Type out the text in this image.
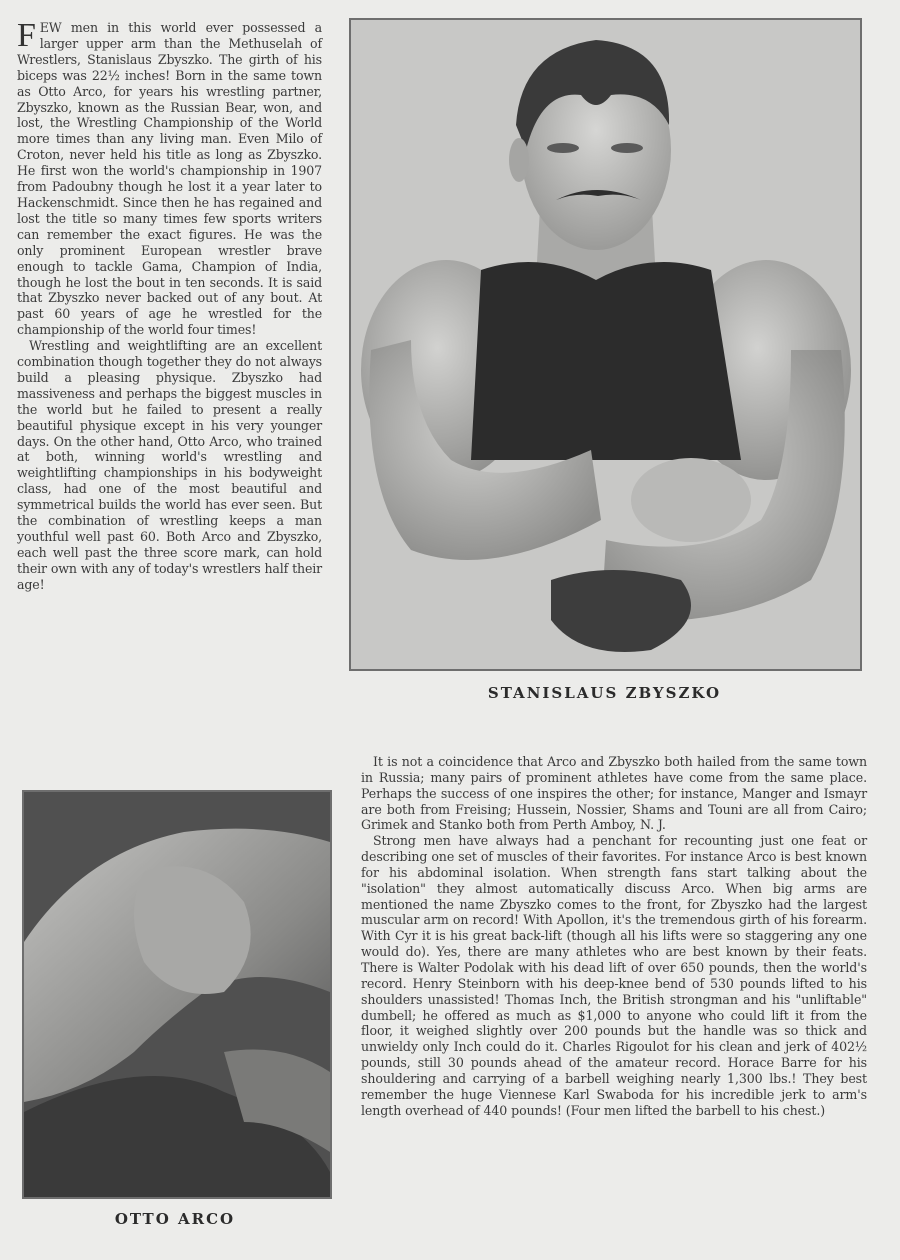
FEW men in this world ever possessed a larger upper arm than the Methuselah of Wrestlers, Stanislaus Zbyszko. The girth of his biceps was 22½ inches! Born in the same town as Otto Arco, for years his wrestling partner, Zbyszko, known as the Russian Bear, won, and lost, the Wrestling Championship of the World more times than any living man. Even Milo of Croton, never held his title as long as Zbyszko. He first won the world's championship in 1907 from Padoubny though he lost it a year later to Hackenschmidt. Since then he has regained and lost the title so many times few sports writers can remember the exact figures. He was the only prominent European wrestler brave enough to tackle Gama, Champion of India, though he lost the bout in ten seconds. It is said that Zbyszko never backed out of any bout. At past 60 years of age he wrestled for the championship of the world four times!

Wrestling and weightlifting are an excellent combination though together they do not always build a pleasing physique. Zbyszko had massiveness and perhaps the biggest muscles in the world but he failed to present a really beautiful physique except in his very younger days. On the other hand, Otto Arco, who trained at both, winning world's wrestling and weightlifting championships in his bodyweight class, had one of the most beautiful and symmetrical builds the world has ever seen. But the combination of wrestling keeps a man youthful well past 60. Both Arco and Zbyszko, each well past the three score mark, can hold their own with any of today's wrestlers half their age!

STANISLAUS ZBYSZKO
OTTO ARCO

It is not a coincidence that Arco and Zbyszko both hailed from the same town in Russia; many pairs of prominent athletes have come from the same place. Perhaps the success of one inspires the other; for instance, Manger and Ismayr are both from Freising; Hussein, Nossier, Shams and Touni are all from Cairo; Grimek and Stanko both from Perth Amboy, N. J.

Strong men have always had a penchant for recounting just one feat or describing one set of muscles of their favorites. For instance Arco is best known for his abdominal isolation. When strength fans start talking about the "isolation" they almost automatically discuss Arco. When big arms are mentioned the name Zbyszko comes to the front, for Zbyszko had the largest muscular arm on record! With Apollon, it's the tremendous girth of his forearm. With Cyr it is his great back-lift (though all his lifts were so staggering any one would do). Yes, there are many athletes who are best known by their feats. There is Walter Podolak with his dead lift of over 650 pounds, then the world's record. Henry Steinborn with his deep-knee bend of 530 pounds lifted to his shoulders unassisted! Thomas Inch, the British strongman and his "unliftable" dumbell; he offered as much as $1,000 to anyone who could lift it from the floor, it weighed slightly over 200 pounds but the handle was so thick and unwieldy only Inch could do it. Charles Rigoulot for his clean and jerk of 402½ pounds, still 30 pounds ahead of the amateur record. Horace Barre for his shouldering and carrying of a barbell weighing nearly 1,300 lbs.! They best remember the huge Viennese Karl Swaboda for his incredible jerk to arm's length overhead of 440 pounds! (Four men lifted the barbell to his chest.)
